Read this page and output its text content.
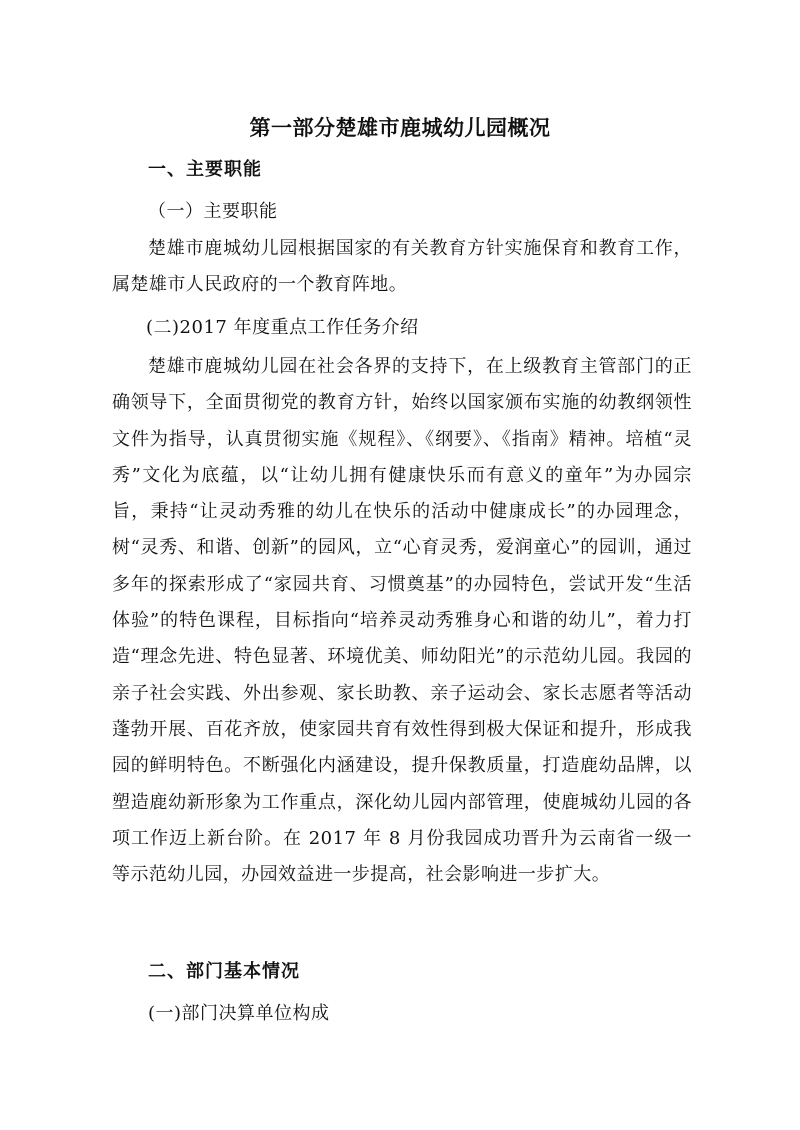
第一部分楚雄市鹿城幼儿园概况
一、主要职能
（一）主要职能
楚雄市鹿城幼儿园根据国家的有关教育方针实施保育和教育工作，属楚雄市人民政府的一个教育阵地。
(二)2017 年度重点工作任务介绍
楚雄市鹿城幼儿园在社会各界的支持下，在上级教育主管部门的正确领导下，全面贯彻党的教育方针，始终以国家颁布实施的幼教纲领性文件为指导，认真贯彻实施《规程》、《纲要》、《指南》精神。培植“灵秀”文化为底蕴，以“让幼儿拥有健康快乐而有意义的童年”为办园宗旨，秉持“让灵动秀雅的幼儿在快乐的活动中健康成长”的办园理念，树“灵秀、和谐、创新”的园风，立“心育灵秀，爱润童心”的园训，通过多年的探索形成了“家园共育、习惯奠基”的办园特色，尝试开发“生活体验”的特色课程，目标指向“培养灵动秀雅身心和谐的幼儿”，着力打造“理念先进、特色显著、环境优美、师幼阳光”的示范幼儿园。我园的亲子社会实践、外出参观、家长助教、亲子运动会、家长志愿者等活动蓬勃开展、百花齐放，使家园共育有效性得到极大保证和提升，形成我园的鲜明特色。不断强化内涵建设，提升保教质量，打造鹿幼品牌，以塑造鹿幼新形象为工作重点，深化幼儿园内部管理，使鹿城幼儿园的各项工作迈上新台阶。在 2017 年 8 月份我园成功晋升为云南省一级一等示范幼儿园，办园效益进一步提高，社会影响进一步扩大。
二、部门基本情况
(一)部门决算单位构成
